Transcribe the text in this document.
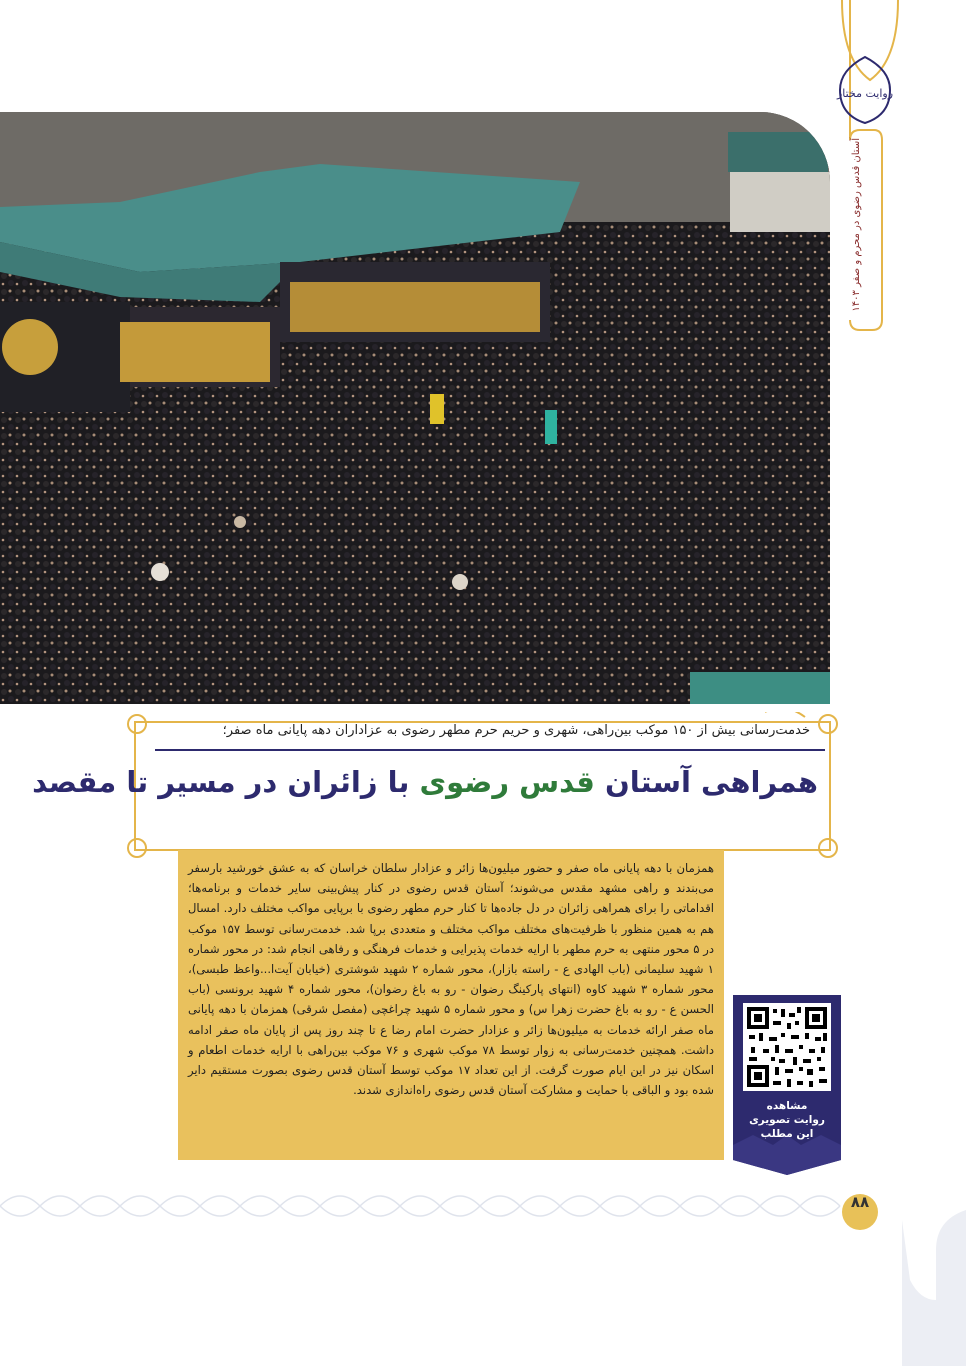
روایت مختار
آستان قدس رضوی در محرم و صفر ۱۴۰۳
خدمت‌رسانی بیش از ۱۵۰ موکب بین‌راهی، شهری و حریم حرم مطهر رضوی به عزاداران دهه پایانی ماه صفر؛
همراهی آستان قدس رضوی با زائران در مسیر تا مقصد
همزمان با دهه پایانی ماه صفر و حضور میلیون‌ها زائر و عزادار سلطان خراسان که به عشق خورشید بارسفر می‌بندند و راهی مشهد مقدس می‌شوند؛ آستان قدس رضوی در کنار پیش‌بینی سایر خدمات و برنامه‌ها؛ اقداماتی را برای همراهی زائران در دل جاده‌ها تا کنار حرم مطهر رضوی با برپایی مواکب مختلف دارد. امسال هم به همین منظور با ظرفیت‌های مختلف مواکب مختلف و متعددی برپا شد. خدمت‌رسانی توسط ۱۵۷ موکب در ۵ محور منتهی به حرم مطهر با ارایه خدمات پذیرایی و خدمات فرهنگی و رفاهی انجام شد: در محور شماره ۱ شهید سلیمانی (باب الهادی ع - راسته بازار)، محور شماره ۲ شهید شوشتری (خیابان آیت‌ا...واعظ طبسی)، محور شماره ۳ شهید کاوه (انتهای پارکینگ رضوان - رو به باغ رضوان)، محور شماره ۴ شهید برونسی (باب الحسن ع - رو به باغ حضرت زهرا س) و محور شماره ۵ شهید چراغچی (مفصل شرقی) همزمان با دهه پایانی ماه صفر ارائه خدمات به میلیون‌ها زائر و عزادار حضرت امام رضا ع تا چند روز پس از پایان ماه صفر ادامه داشت. همچنین خدمت‌رسانی به زوار توسط ۷۸ موکب شهری و ۷۶ موکب بین‌راهی با ارایه خدمات اطعام و اسکان نیز در این ایام صورت گرفت. از این تعداد ۱۷ موکب توسط آستان قدس رضوی بصورت مستقیم دایر شده بود و الباقی با حمایت و مشارکت آستان قدس رضوی راه‌اندازی شدند.
مشاهده
روایت تصویری
این مطلب
۸۸
